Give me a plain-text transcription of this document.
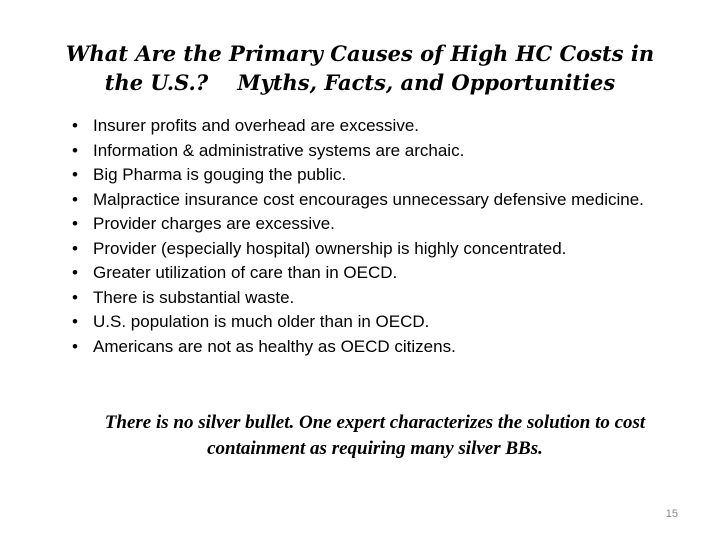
What Are the Primary Causes of High HC Costs in
the U.S.?    Myths, Facts, and Opportunities
• Insurer profits and overhead are excessive.
• Information & administrative systems are archaic.
• Big Pharma is gouging the public.
• Malpractice insurance cost encourages unnecessary defensive medicine.
• Provider charges are excessive.
• Provider (especially hospital) ownership is highly concentrated.
• Greater utilization of care than in OECD.
• There is substantial waste.
• U.S. population is much older than in OECD.
• Americans are not as healthy as OECD citizens.

There is no silver bullet. One expert characterizes the solution to cost containment as requiring many silver BBs.

15
